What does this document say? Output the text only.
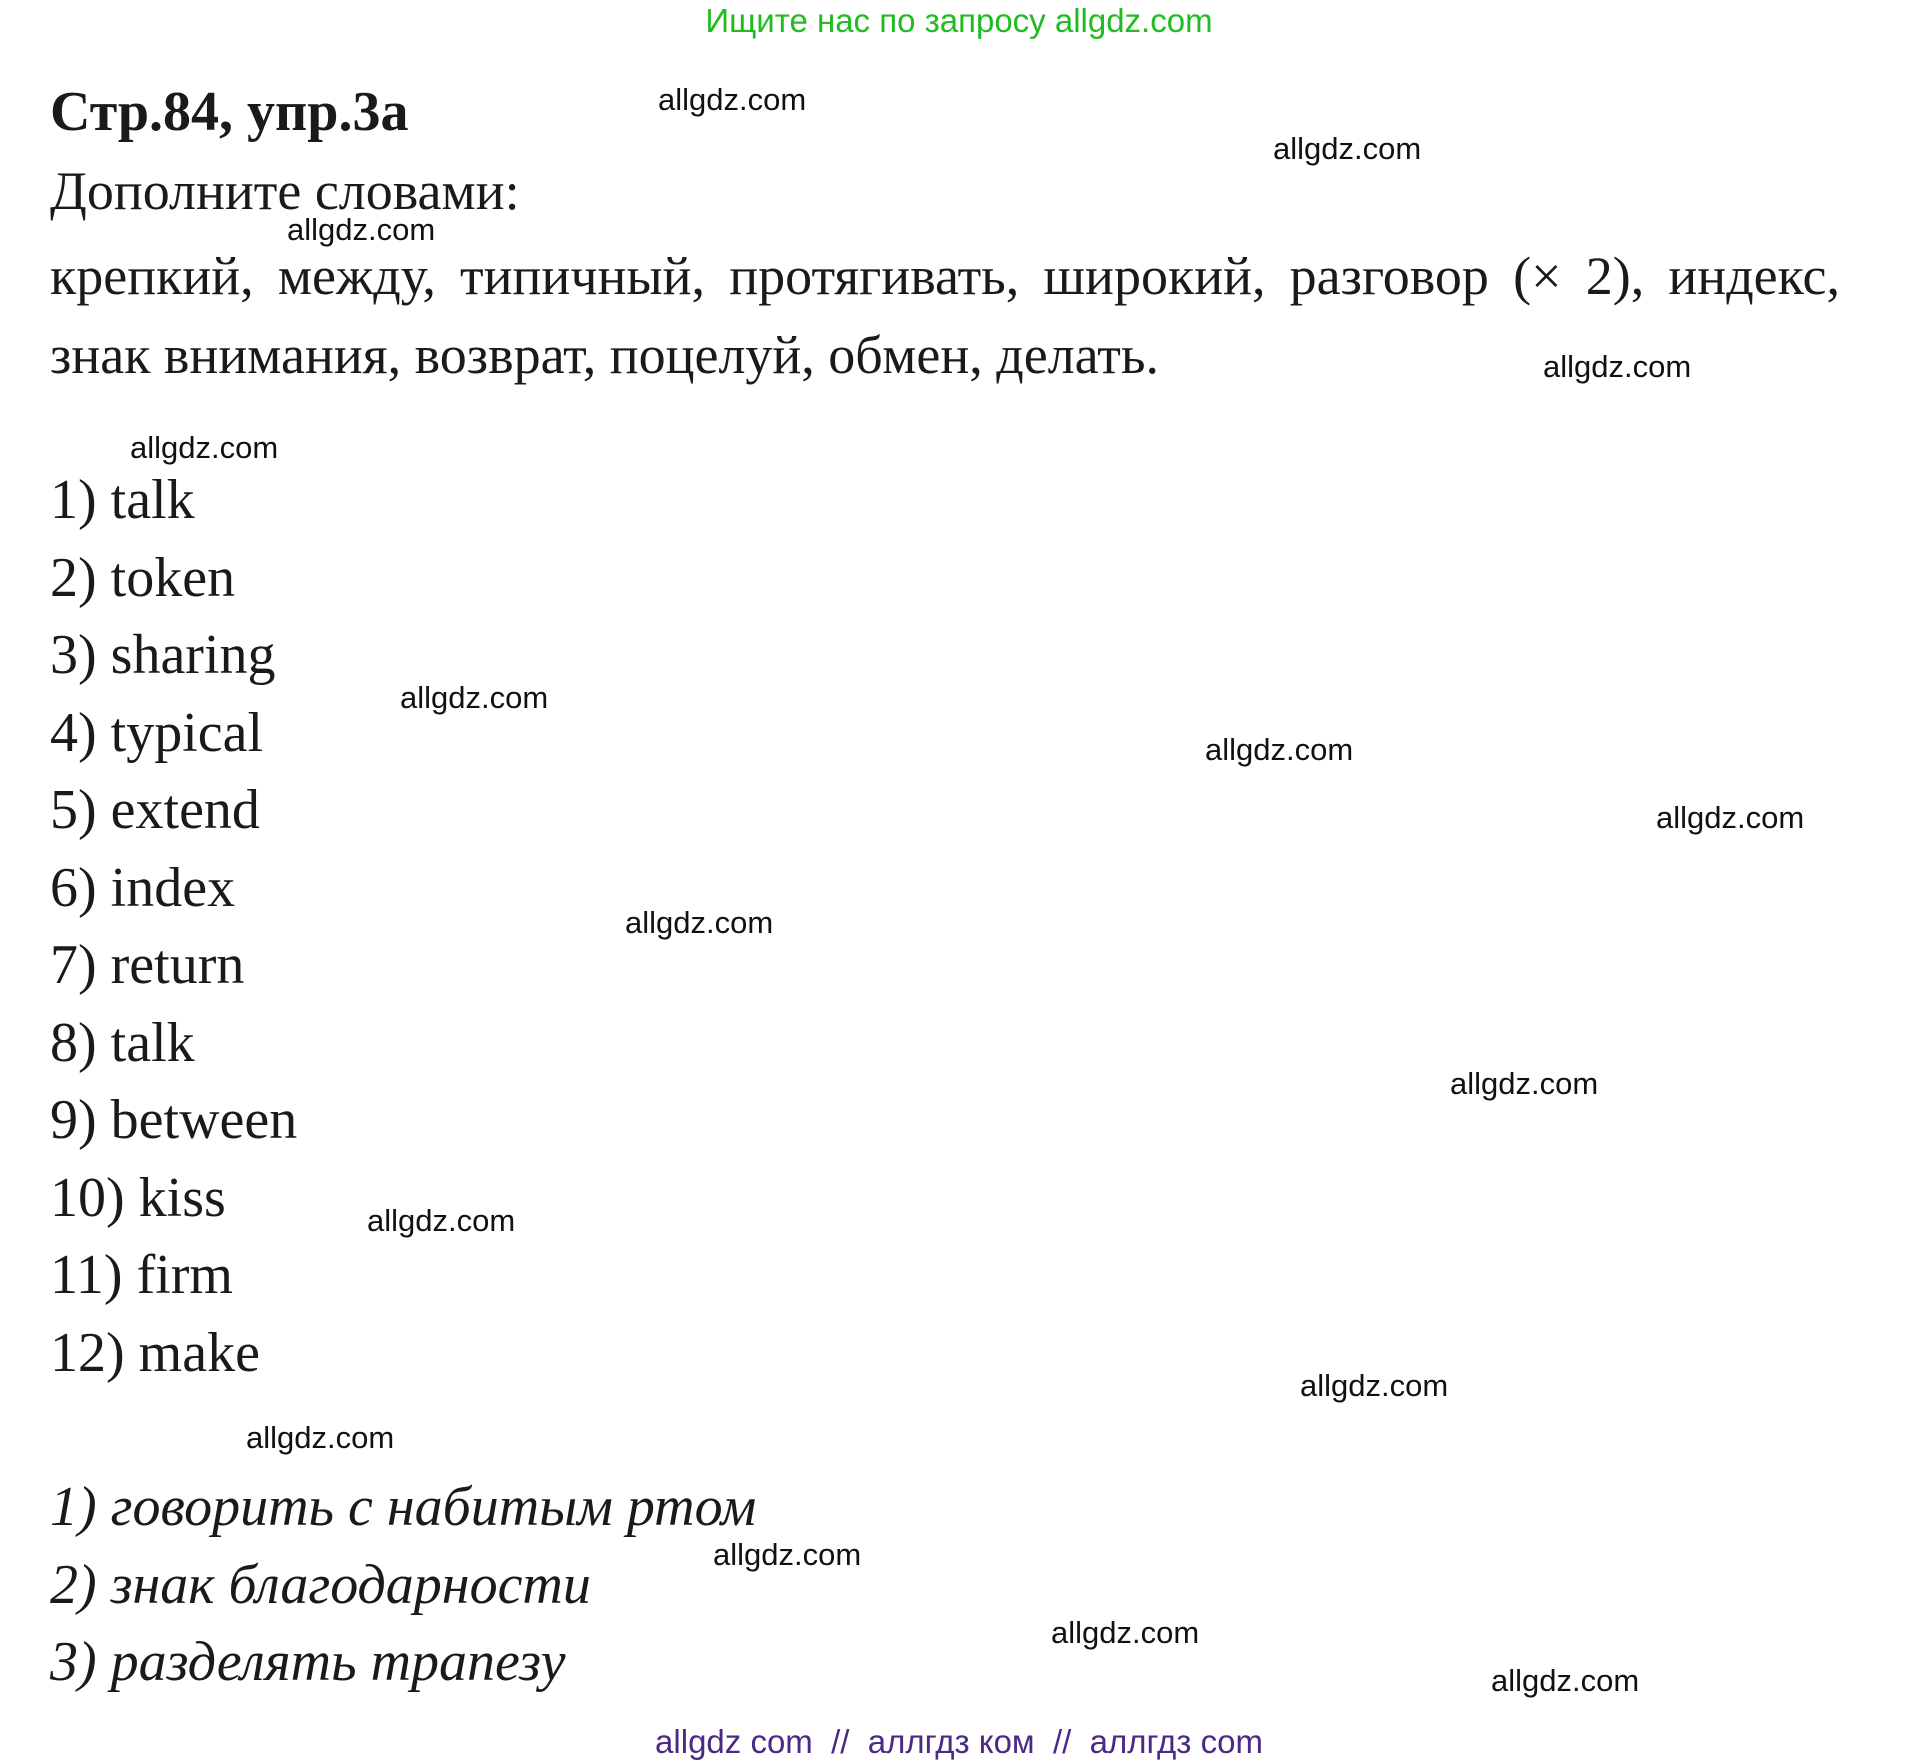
Ищите нас по запросу allgdz.com
Стр.84, упр.3а

Дополните словами:

крепкий, между, типичный, протягивать, широкий, разговор (× 2), индекс, знак внимания, возврат, поцелуй, обмен, делать.

1) talk
2) token
3) sharing
4) typical
5) extend
6) index
7) return
8) talk
9) between
10) kiss
11) firm
12) make
1) говорить с набитым ртом
2) знак благодарности
3) разделять трапезу
allgdz.com
allgdz.com
allgdz.com
allgdz.com
allgdz.com
allgdz.com
allgdz.com
allgdz.com
allgdz.com
allgdz.com
allgdz.com
allgdz.com
allgdz.com
allgdz.com
allgdz.com
allgdz.com
allgdz com  //  аллгдз ком  //  аллгдз com
